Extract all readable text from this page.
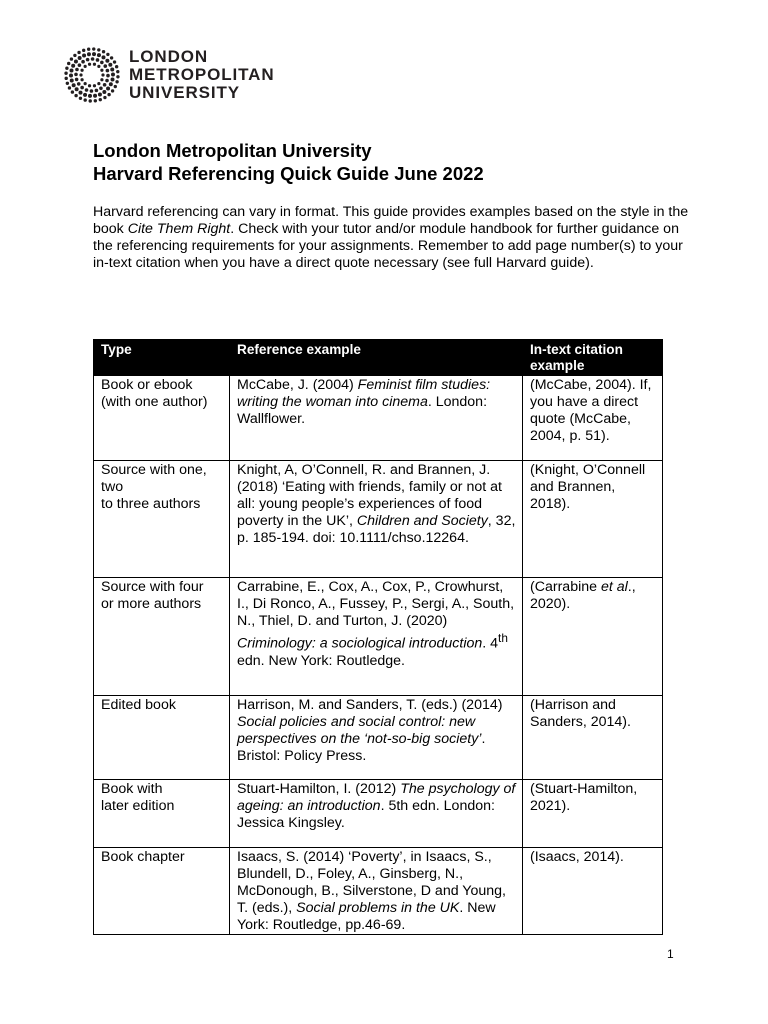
LONDON
METROPOLITAN
UNIVERSITY
London Metropolitan University
Harvard Referencing Quick Guide June 2022

Harvard referencing can vary in format. This guide provides examples based on the style in the book Cite Them Right. Check with your tutor and/or module handbook for further guidance on the referencing requirements for your assignments. Remember to add page number(s) to your in-text citation when you have a direct quote necessary (see full Harvard guide).

Type	Reference example	In-text citation example
Book or ebook
(with one author)	McCabe, J. (2004) Feminist film studies: writing the woman into cinema. London: Wallflower.	(McCabe, 2004). If, you have a direct quote (McCabe, 2004, p. 51).
Source with one, two
to three authors	Knight, A, O’Connell, R. and Brannen, J. (2018) ‘Eating with friends, family or not at all: young people’s experiences of food poverty in the UK’, Children and Society, 32, p. 185-194. doi: 10.1111/chso.12264.	(Knight, O’Connell and Brannen, 2018).
Source with four
or more authors	Carrabine, E., Cox, A., Cox, P., Crowhurst, I., Di Ronco, A., Fussey, P., Sergi, A., South, N., Thiel, D. and Turton, J. (2020) Criminology: a sociological introduction. 4th edn. New York: Routledge.	(Carrabine et al., 2020).
Edited book	Harrison, M. and Sanders, T. (eds.) (2014) Social policies and social control: new perspectives on the ‘not-so-big society’. Bristol: Policy Press.	(Harrison and Sanders, 2014).
Book with
later edition	Stuart-Hamilton, I. (2012) The psychology of ageing: an introduction. 5th edn. London: Jessica Kingsley.	(Stuart-Hamilton, 2021).
Book chapter	Isaacs, S. (2014) ‘Poverty’, in Isaacs, S., Blundell, D., Foley, A., Ginsberg, N., McDonough, B., Silverstone, D and Young, T. (eds.), Social problems in the UK. New York: Routledge, pp.46-69.	(Isaacs, 2014).
1
